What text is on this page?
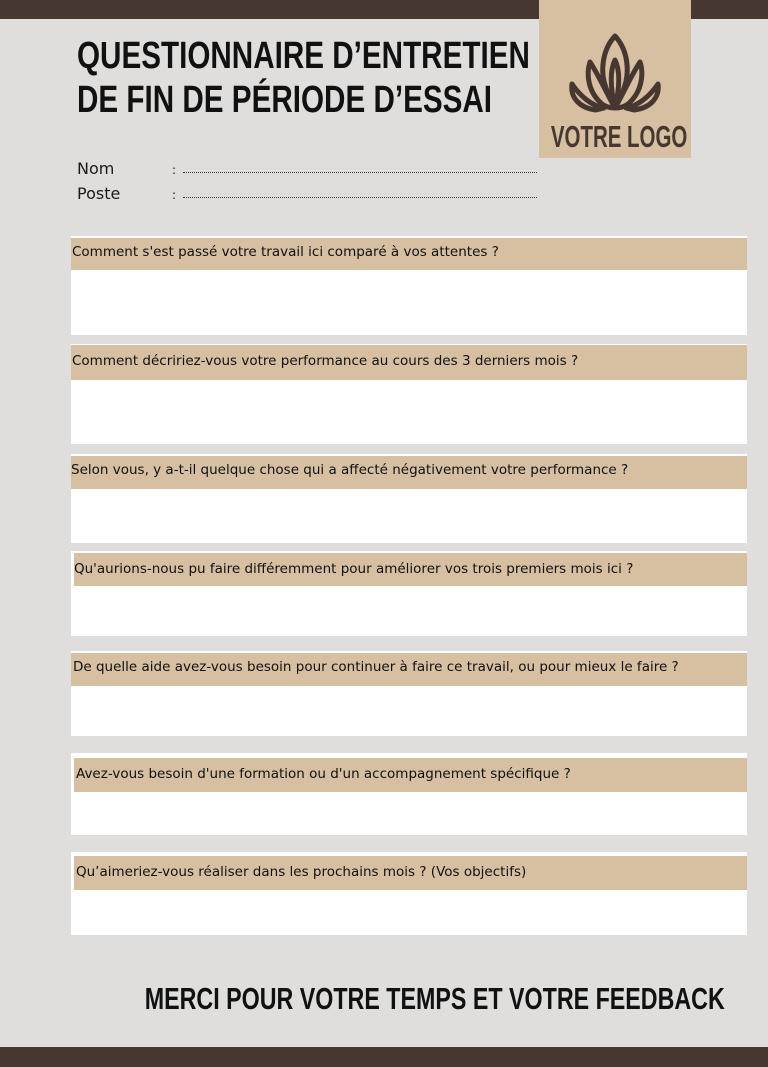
QUESTIONNAIRE D’ENTRETIEN
DE FIN DE PÉRIODE D’ESSAI
VOTRE LOGO
Nom	:
Poste	:
Comment s'est passé votre travail ici comparé à vos attentes ?
Comment décririez-vous votre performance au cours des 3 derniers mois ?
Selon vous, y a-t-il quelque chose qui a affecté négativement votre performance ?
Qu'aurions-nous pu faire différemment pour améliorer vos trois premiers mois ici ?
De quelle aide avez-vous besoin pour continuer à faire ce travail, ou pour mieux le faire ?
Avez-vous besoin d'une formation ou d'un accompagnement spécifique ?
Qu’aimeriez-vous réaliser dans les prochains mois ? (Vos objectifs)
MERCI POUR VOTRE TEMPS ET VOTRE FEEDBACK
